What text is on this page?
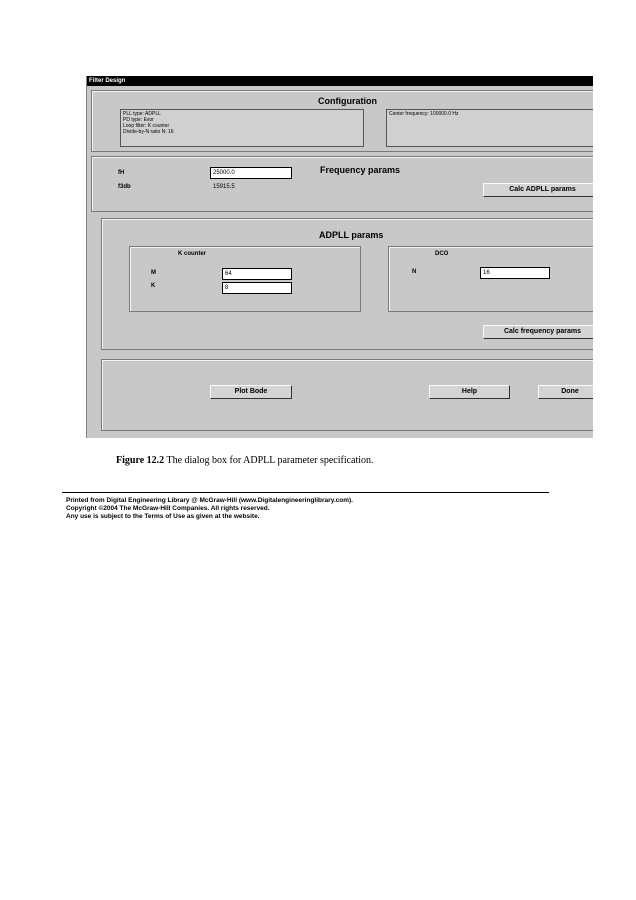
Filter Design
Configuration
PLL type: ADPLL
PD type: Exor
Loop filter: K counter
Divide-by-N ratio N: 16
Center frequency: 100000.0 Hz
Frequency params
fH	25000.0
f3db	15915.5	Calc ADPLL params
ADPLL params
K counter
M	64
K	8
DCO
N	16
Calc frequency params
Plot Bode	Help	Done
Figure 12.2 The dialog box for ADPLL parameter specification.
Printed from Digital Engineering Library @ McGraw-Hill (www.Digitalengineeringlibrary.com).
Copyright ©2004 The McGraw-Hill Companies. All rights reserved.
Any use is subject to the Terms of Use as given at the website.
